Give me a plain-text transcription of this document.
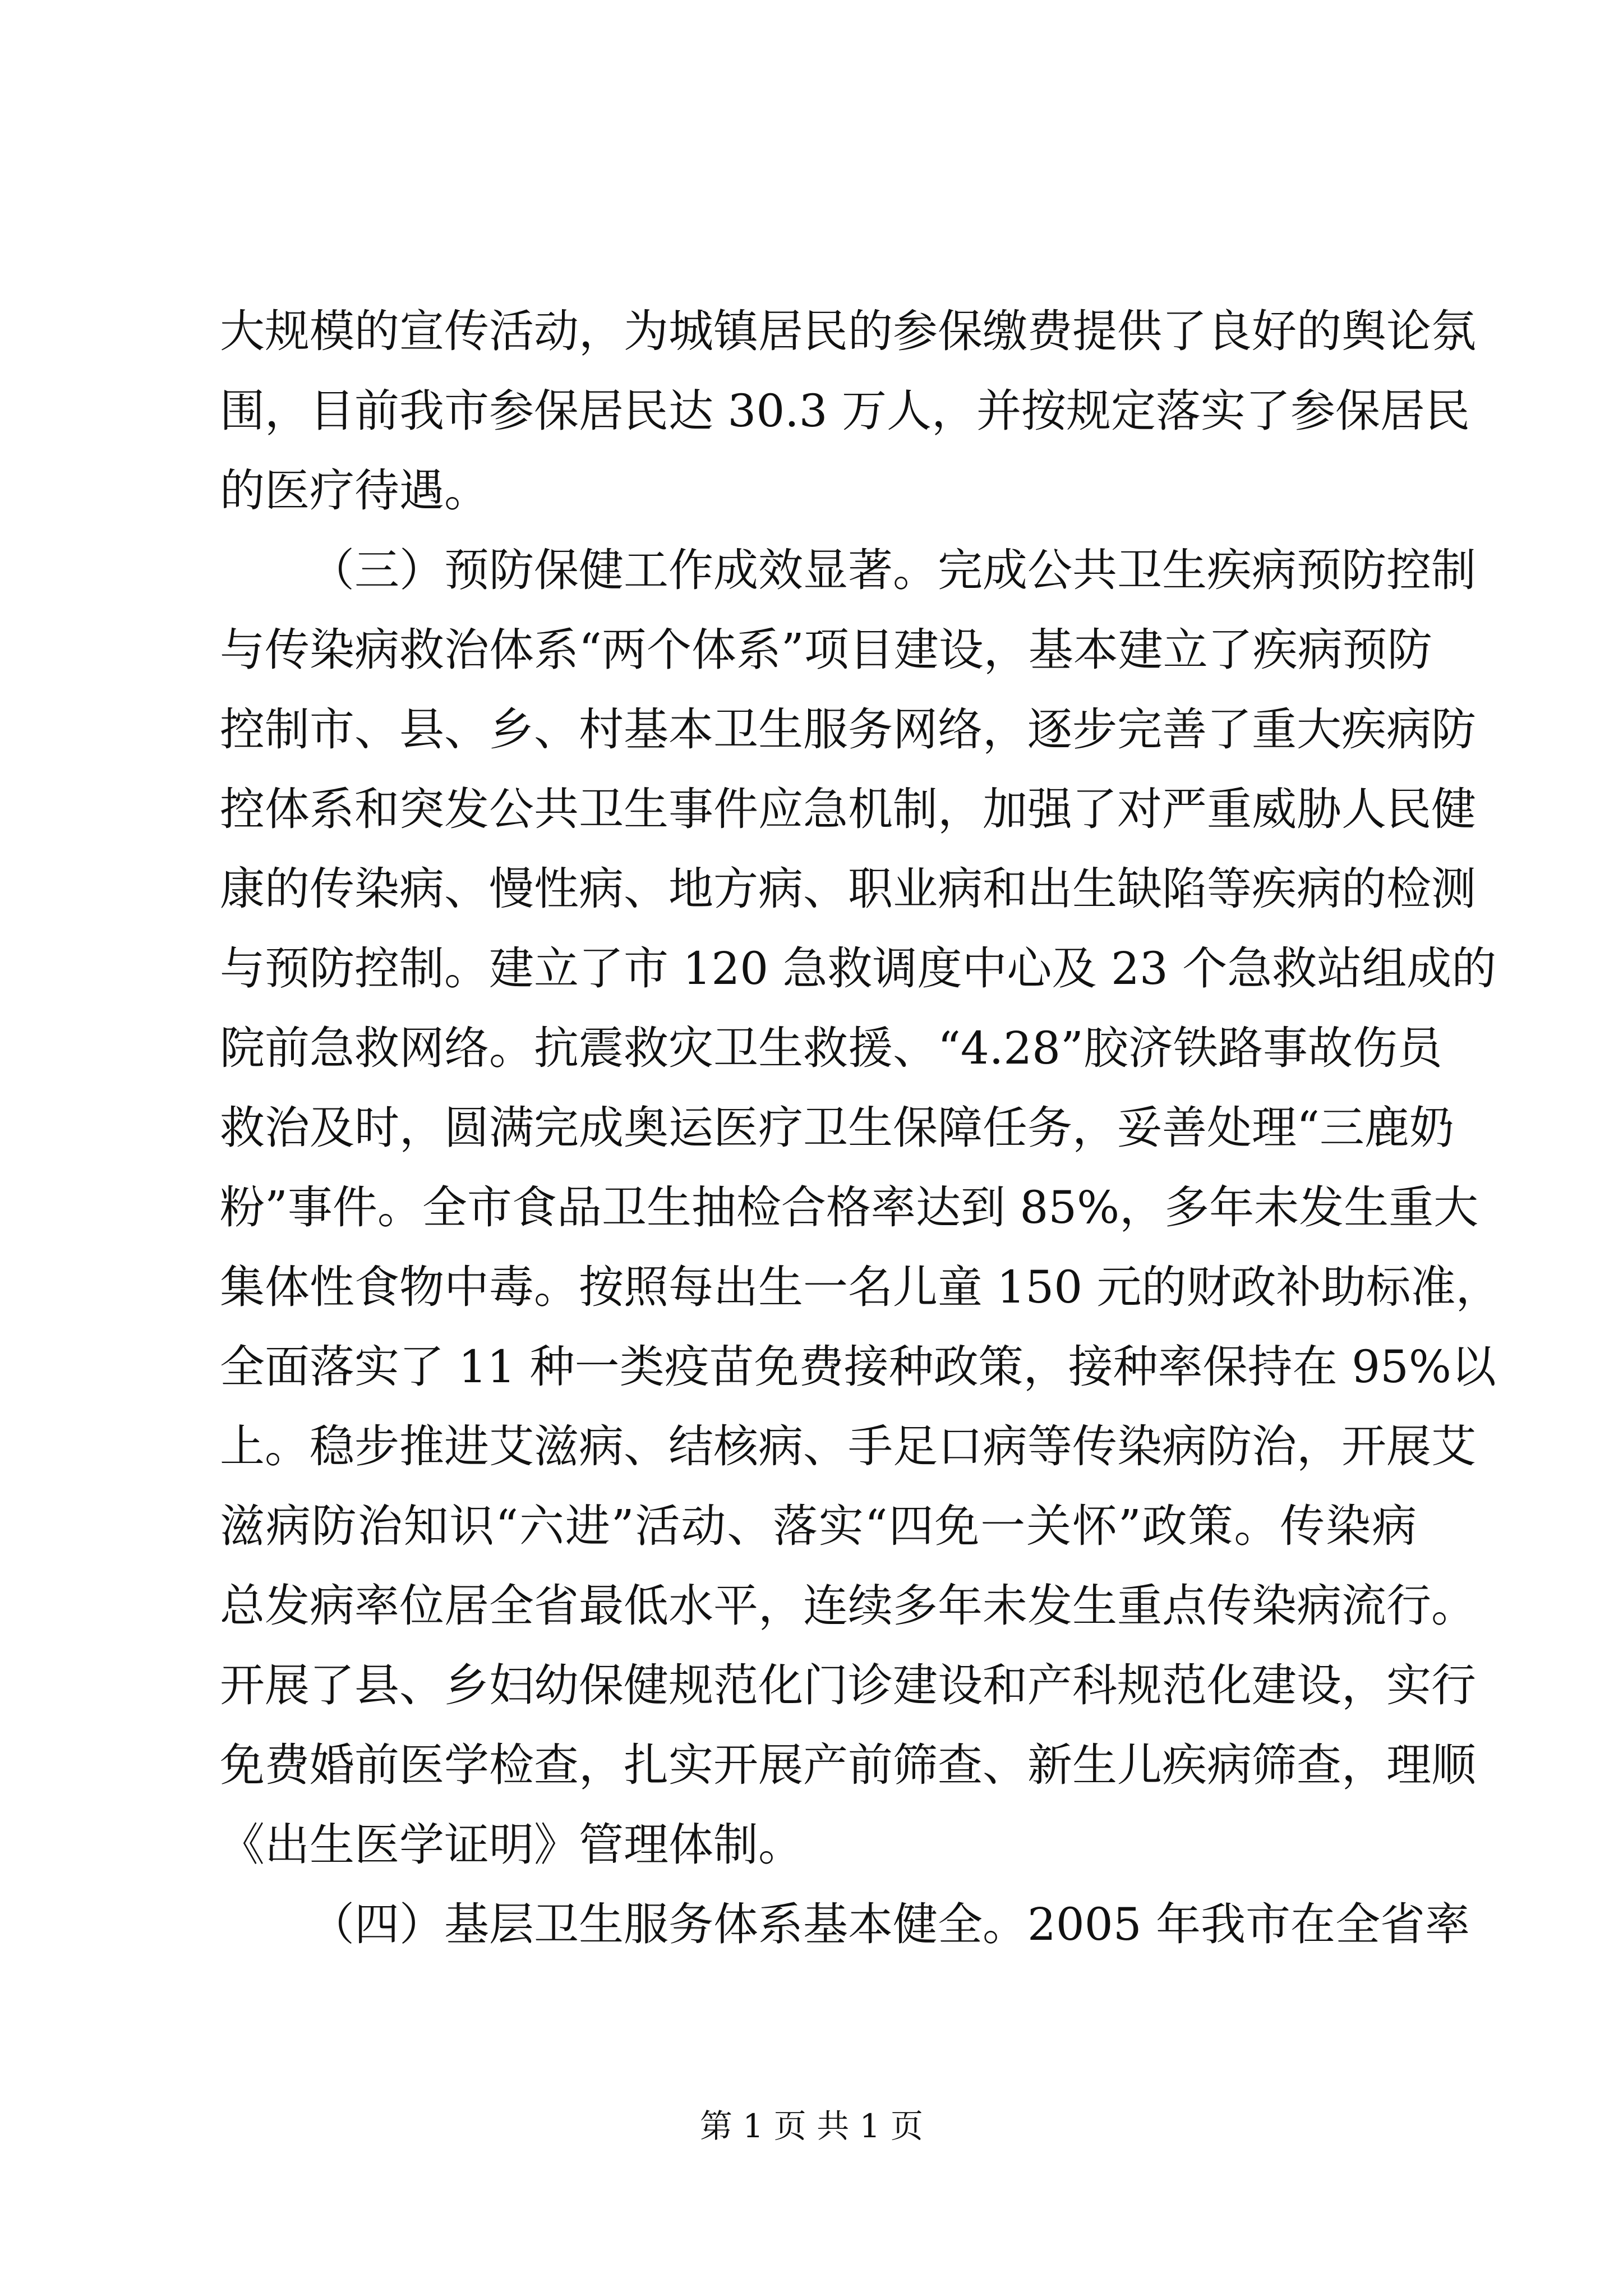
大规模的宣传活动，为城镇居民的参保缴费提供了良好的舆论氛
围，目前我市参保居民达 30.3 万人，并按规定落实了参保居民
的医疗待遇。
（三）预防保健工作成效显著。完成公共卫生疾病预防控制
与传染病救治体系“两个体系”项目建设，基本建立了疾病预防
控制市、县、乡、村基本卫生服务网络，逐步完善了重大疾病防
控体系和突发公共卫生事件应急机制，加强了对严重威胁人民健
康的传染病、慢性病、地方病、职业病和出生缺陷等疾病的检测
与预防控制。建立了市 120 急救调度中心及 23 个急救站组成的
院前急救网络。抗震救灾卫生救援、“4.28”胶济铁路事故伤员
救治及时，圆满完成奥运医疗卫生保障任务，妥善处理“三鹿奶
粉”事件。全市食品卫生抽检合格率达到 85%，多年未发生重大
集体性食物中毒。按照每出生一名儿童 150 元的财政补助标准，
全面落实了 11 种一类疫苗免费接种政策，接种率保持在 95%以
上。稳步推进艾滋病、结核病、手足口病等传染病防治，开展艾
滋病防治知识“六进”活动、落实“四免一关怀”政策。传染病
总发病率位居全省最低水平，连续多年未发生重点传染病流行。
开展了县、乡妇幼保健规范化门诊建设和产科规范化建设，实行
免费婚前医学检查，扎实开展产前筛查、新生儿疾病筛查，理顺
《出生医学证明》管理体制。
（四）基层卫生服务体系基本健全。2005 年我市在全省率
第 1 页 共 1 页
